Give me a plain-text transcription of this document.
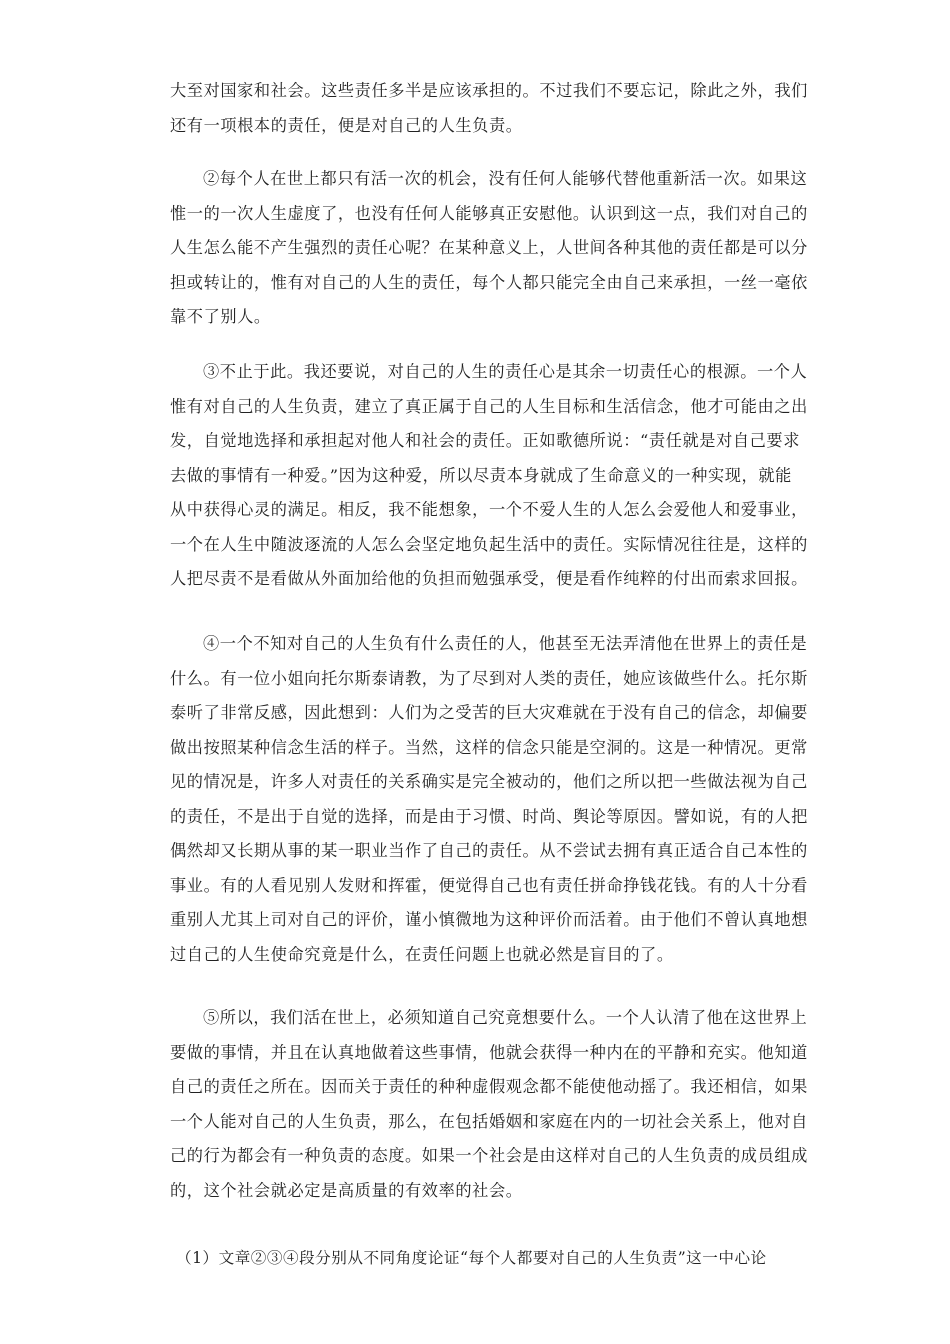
大至对国家和社会。这些责任多半是应该承担的。不过我们不要忘记，除此之外，我们
还有一项根本的责任，便是对自己的人生负责。
②每个人在世上都只有活一次的机会，没有任何人能够代替他重新活一次。如果这
惟一的一次人生虚度了，也没有任何人能够真正安慰他。认识到这一点，我们对自己的
人生怎么能不产生强烈的责任心呢？在某种意义上，人世间各种其他的责任都是可以分
担或转让的，惟有对自己的人生的责任，每个人都只能完全由自己来承担，一丝一毫依
靠不了别人。
③不止于此。我还要说，对自己的人生的责任心是其余一切责任心的根源。一个人
惟有对自己的人生负责，建立了真正属于自己的人生目标和生活信念，他才可能由之出
发，自觉地选择和承担起对他人和社会的责任。正如歌德所说：“责任就是对自己要求
去做的事情有一种爱。”因为这种爱，所以尽责本身就成了生命意义的一种实现，就能
从中获得心灵的满足。相反，我不能想象，一个不爱人生的人怎么会爱他人和爱事业，
一个在人生中随波逐流的人怎么会坚定地负起生活中的责任。实际情况往往是，这样的
人把尽责不是看做从外面加给他的负担而勉强承受，便是看作纯粹的付出而索求回报。
④一个不知对自己的人生负有什么责任的人，他甚至无法弄清他在世界上的责任是
什么。有一位小姐向托尔斯泰请教，为了尽到对人类的责任，她应该做些什么。托尔斯
泰听了非常反感，因此想到：人们为之受苦的巨大灾难就在于没有自己的信念，却偏要
做出按照某种信念生活的样子。当然，这样的信念只能是空洞的。这是一种情况。更常
见的情况是，许多人对责任的关系确实是完全被动的，他们之所以把一些做法视为自己
的责任，不是出于自觉的选择，而是由于习惯、时尚、舆论等原因。譬如说，有的人把
偶然却又长期从事的某一职业当作了自己的责任。从不尝试去拥有真正适合自己本性的
事业。有的人看见别人发财和挥霍，便觉得自己也有责任拼命挣钱花钱。有的人十分看
重别人尤其上司对自己的评价，谨小慎微地为这种评价而活着。由于他们不曾认真地想
过自己的人生使命究竟是什么，在责任问题上也就必然是盲目的了。
⑤所以，我们活在世上，必须知道自己究竟想要什么。一个人认清了他在这世界上
要做的事情，并且在认真地做着这些事情，他就会获得一种内在的平静和充实。他知道
自己的责任之所在。因而关于责任的种种虚假观念都不能使他动摇了。我还相信，如果
一个人能对自己的人生负责，那么，在包括婚姻和家庭在内的一切社会关系上，他对自
己的行为都会有一种负责的态度。如果一个社会是由这样对自己的人生负责的成员组成
的，这个社会就必定是高质量的有效率的社会。
（1）文章②③④段分别从不同角度论证“每个人都要对自己的人生负责”这一中心论
